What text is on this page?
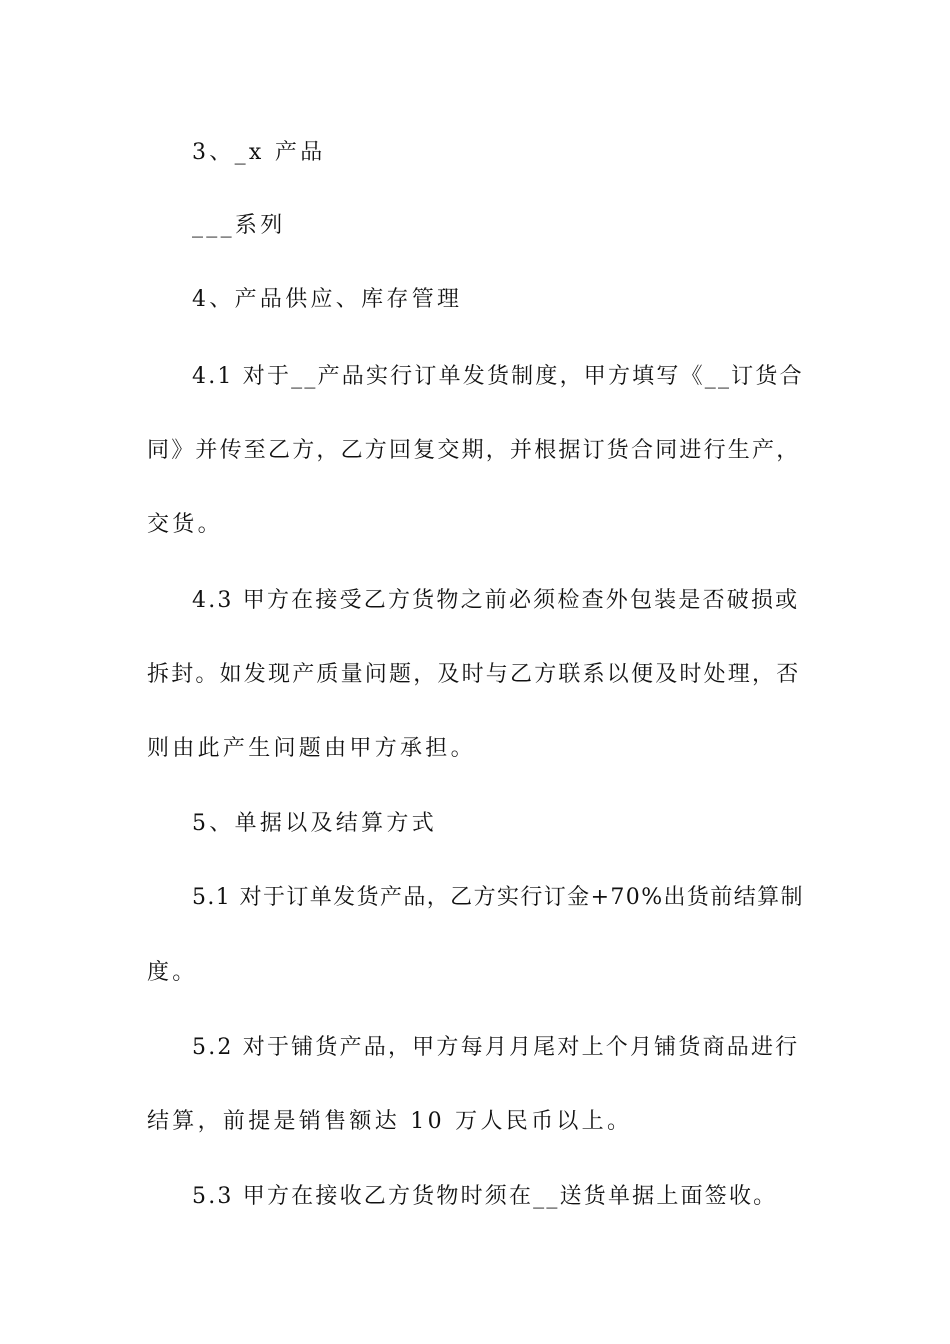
3、_x 产品
___系列
4、产品供应、库存管理
4.1 对于__产品实行订单发货制度，甲方填写《__订货合
同》并传至乙方，乙方回复交期，并根据订货合同进行生产，
交货。
4.3 甲方在接受乙方货物之前必须检查外包装是否破损或
拆封。如发现产质量问题，及时与乙方联系以便及时处理，否
则由此产生问题由甲方承担。
5、单据以及结算方式
5.1 对于订单发货产品，乙方实行订金+70%出货前结算制
度。
5.2 对于铺货产品，甲方每月月尾对上个月铺货商品进行
结算，前提是销售额达 10 万人民币以上。
5.3 甲方在接收乙方货物时须在__送货单据上面签收。
